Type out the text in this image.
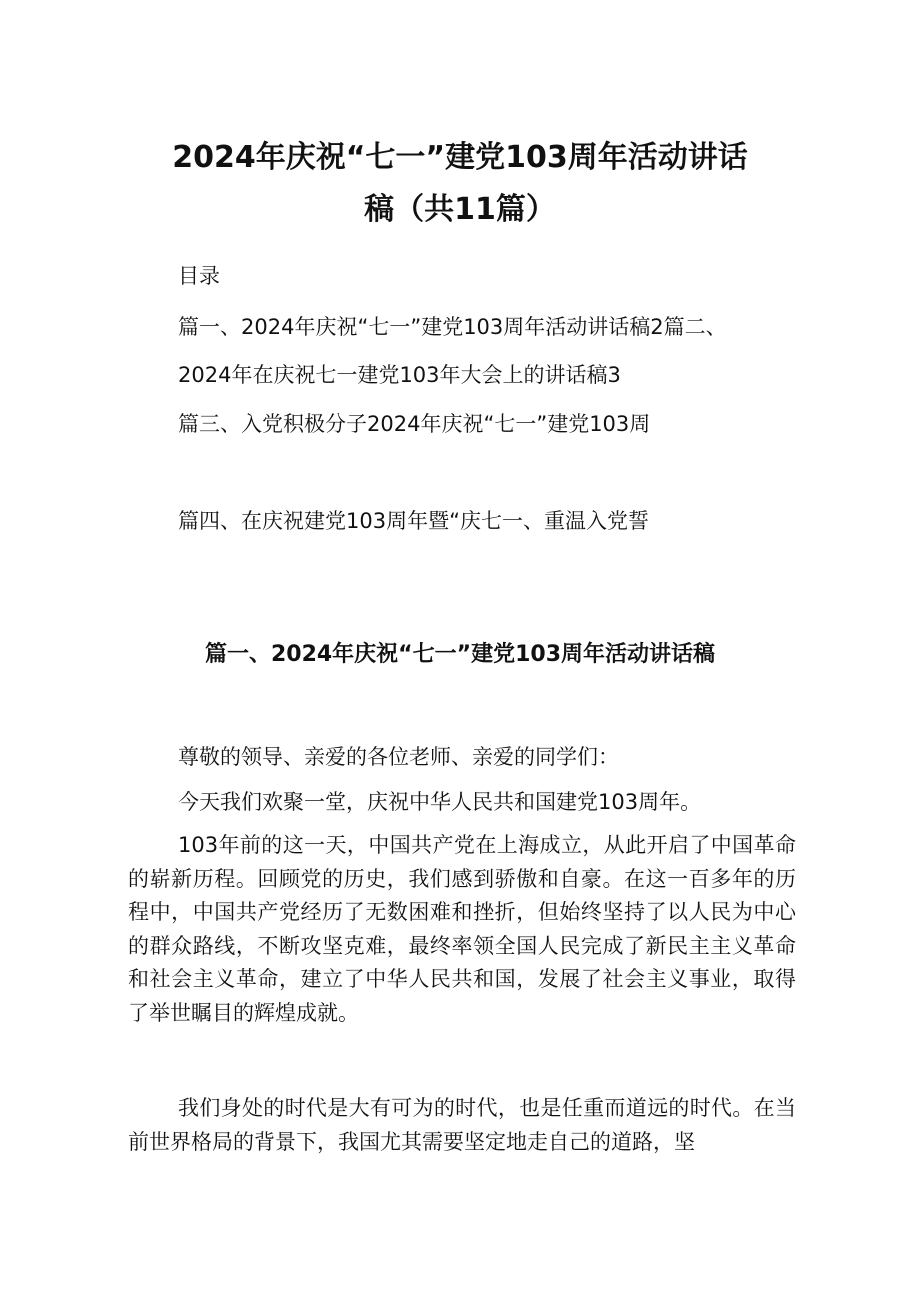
2024年庆祝“七一”建党103周年活动讲话
稿（共11篇）
目录
篇一、2024年庆祝“七一”建党103周年活动讲话稿2篇二、
2024年在庆祝七一建党103年大会上的讲话稿3
篇三、入党积极分子2024年庆祝“七一”建党103周
篇四、在庆祝建党103周年暨“庆七一、重温入党誓
篇一、2024年庆祝“七一”建党103周年活动讲话稿
尊敬的领导、亲爱的各位老师、亲爱的同学们：
今天我们欢聚一堂，庆祝中华人民共和国建党103周年。

103年前的这一天，中国共产党在上海成立，从此开启了中国革命的崭新历程。回顾党的历史，我们感到骄傲和自豪。在这一百多年的历程中，中国共产党经历了无数困难和挫折，但始终坚持了以人民为中心的群众路线，不断攻坚克难，最终率领全国人民完成了新民主主义革命和社会主义革命，建立了中华人民共和国，发展了社会主义事业，取得了举世瞩目的辉煌成就。

我们身处的时代是大有可为的时代，也是任重而道远的时代。在当前世界格局的背景下，我国尤其需要坚定地走自己的道路，坚
